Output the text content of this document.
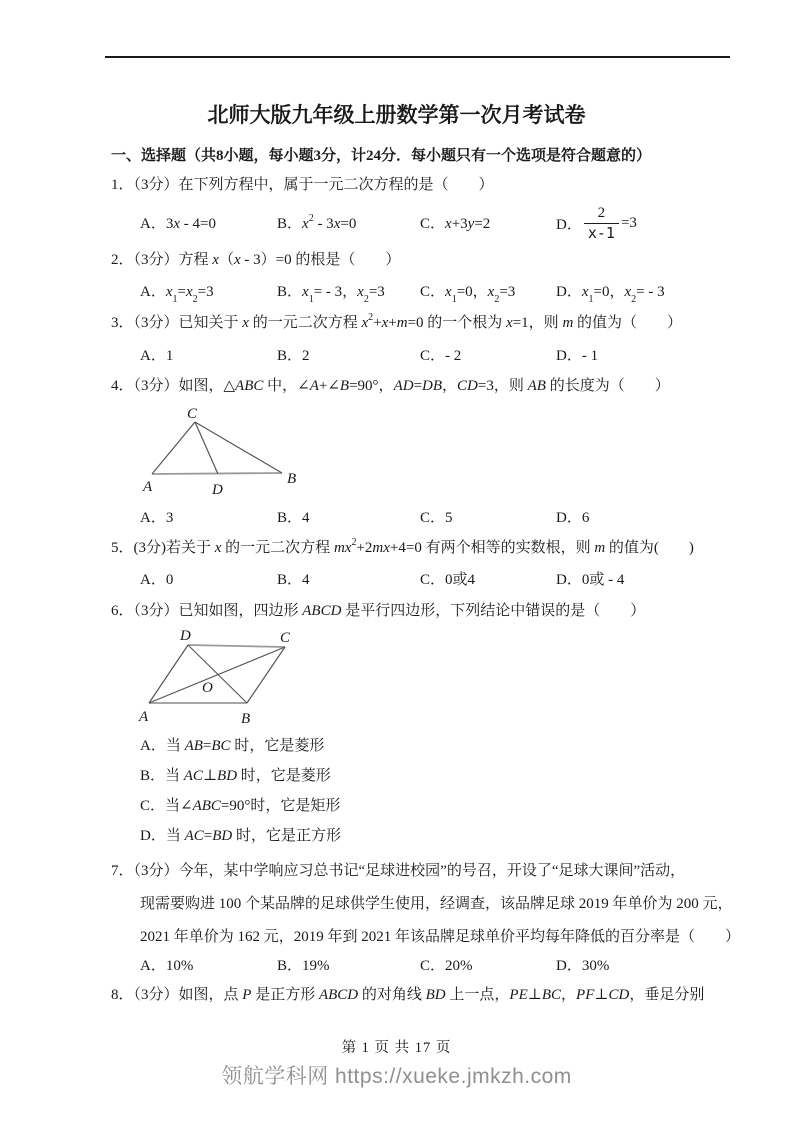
北师大版九年级上册数学第一次月考试卷
一、选择题（共8小题，每小题3分，计24分．每小题只有一个选项是符合题意的）
1．（3分）在下列方程中，属于一元二次方程的是（　　）
A．3x - 4=0	B．$x^2 - 3x=0$	C．x+3y=2	D． $\frac{2}{x-1} =3$
2．（3分）方程 x（x - 3）=0 的根是（　　）
A．$x_1=x_2=3$	B．$x_1= - 3$，$x_2=3$ C．$x_1=0$，$x_2=3$	D．$x_1=0$，$x_2= - 3$
3．（3分）已知关于 x 的一元二次方程 $x^2+x+m=0$ 的一个根为 x=1，则 m 的值为（　　）
A．1	B．2	C．- 2	D．- 1
4．（3分）如图，△ABC 中，∠A+∠B=90°，AD=DB，CD=3，则 AB 的长度为（　　）
C
A	D
B
A．3	B．4	C．5	D．6
5．(3分)若关于 x 的一元二次方程 $mx^2+2mx+4=0$ 有两个相等的实数根，则 m 的值为(　　)
A．0	B．4	C．0或4	D．0或 - 4
6．（3分）已知如图，四边形 ABCD 是平行四边形，下列结论中错误的是（　　）
D	C
A	B
O
A．当 AB=BC 时，它是菱形
B．当 AC⊥BD 时，它是菱形
C．当∠ABC=90°时，它是矩形
D．当 AC=BD 时，它是正方形
7．（3分）今年，某中学响应习总书记“足球进校园”的号召，开设了“足球大课间”活动，
现需要购进 100 个某品牌的足球供学生使用，经调查，该品牌足球 2019 年单价为 200 元，
2021 年单价为 162 元，2019 年到 2021 年该品牌足球单价平均每年降低的百分率是（　　）
A．10%	B．19%	C．20%	D．30%
8．（3分）如图，点 P 是正方形 ABCD 的对角线 BD 上一点，PE⊥BC，PF⊥CD，垂足分别
第 1 页 共 17 页
领航学科网 https://xueke.jmkzh.com
